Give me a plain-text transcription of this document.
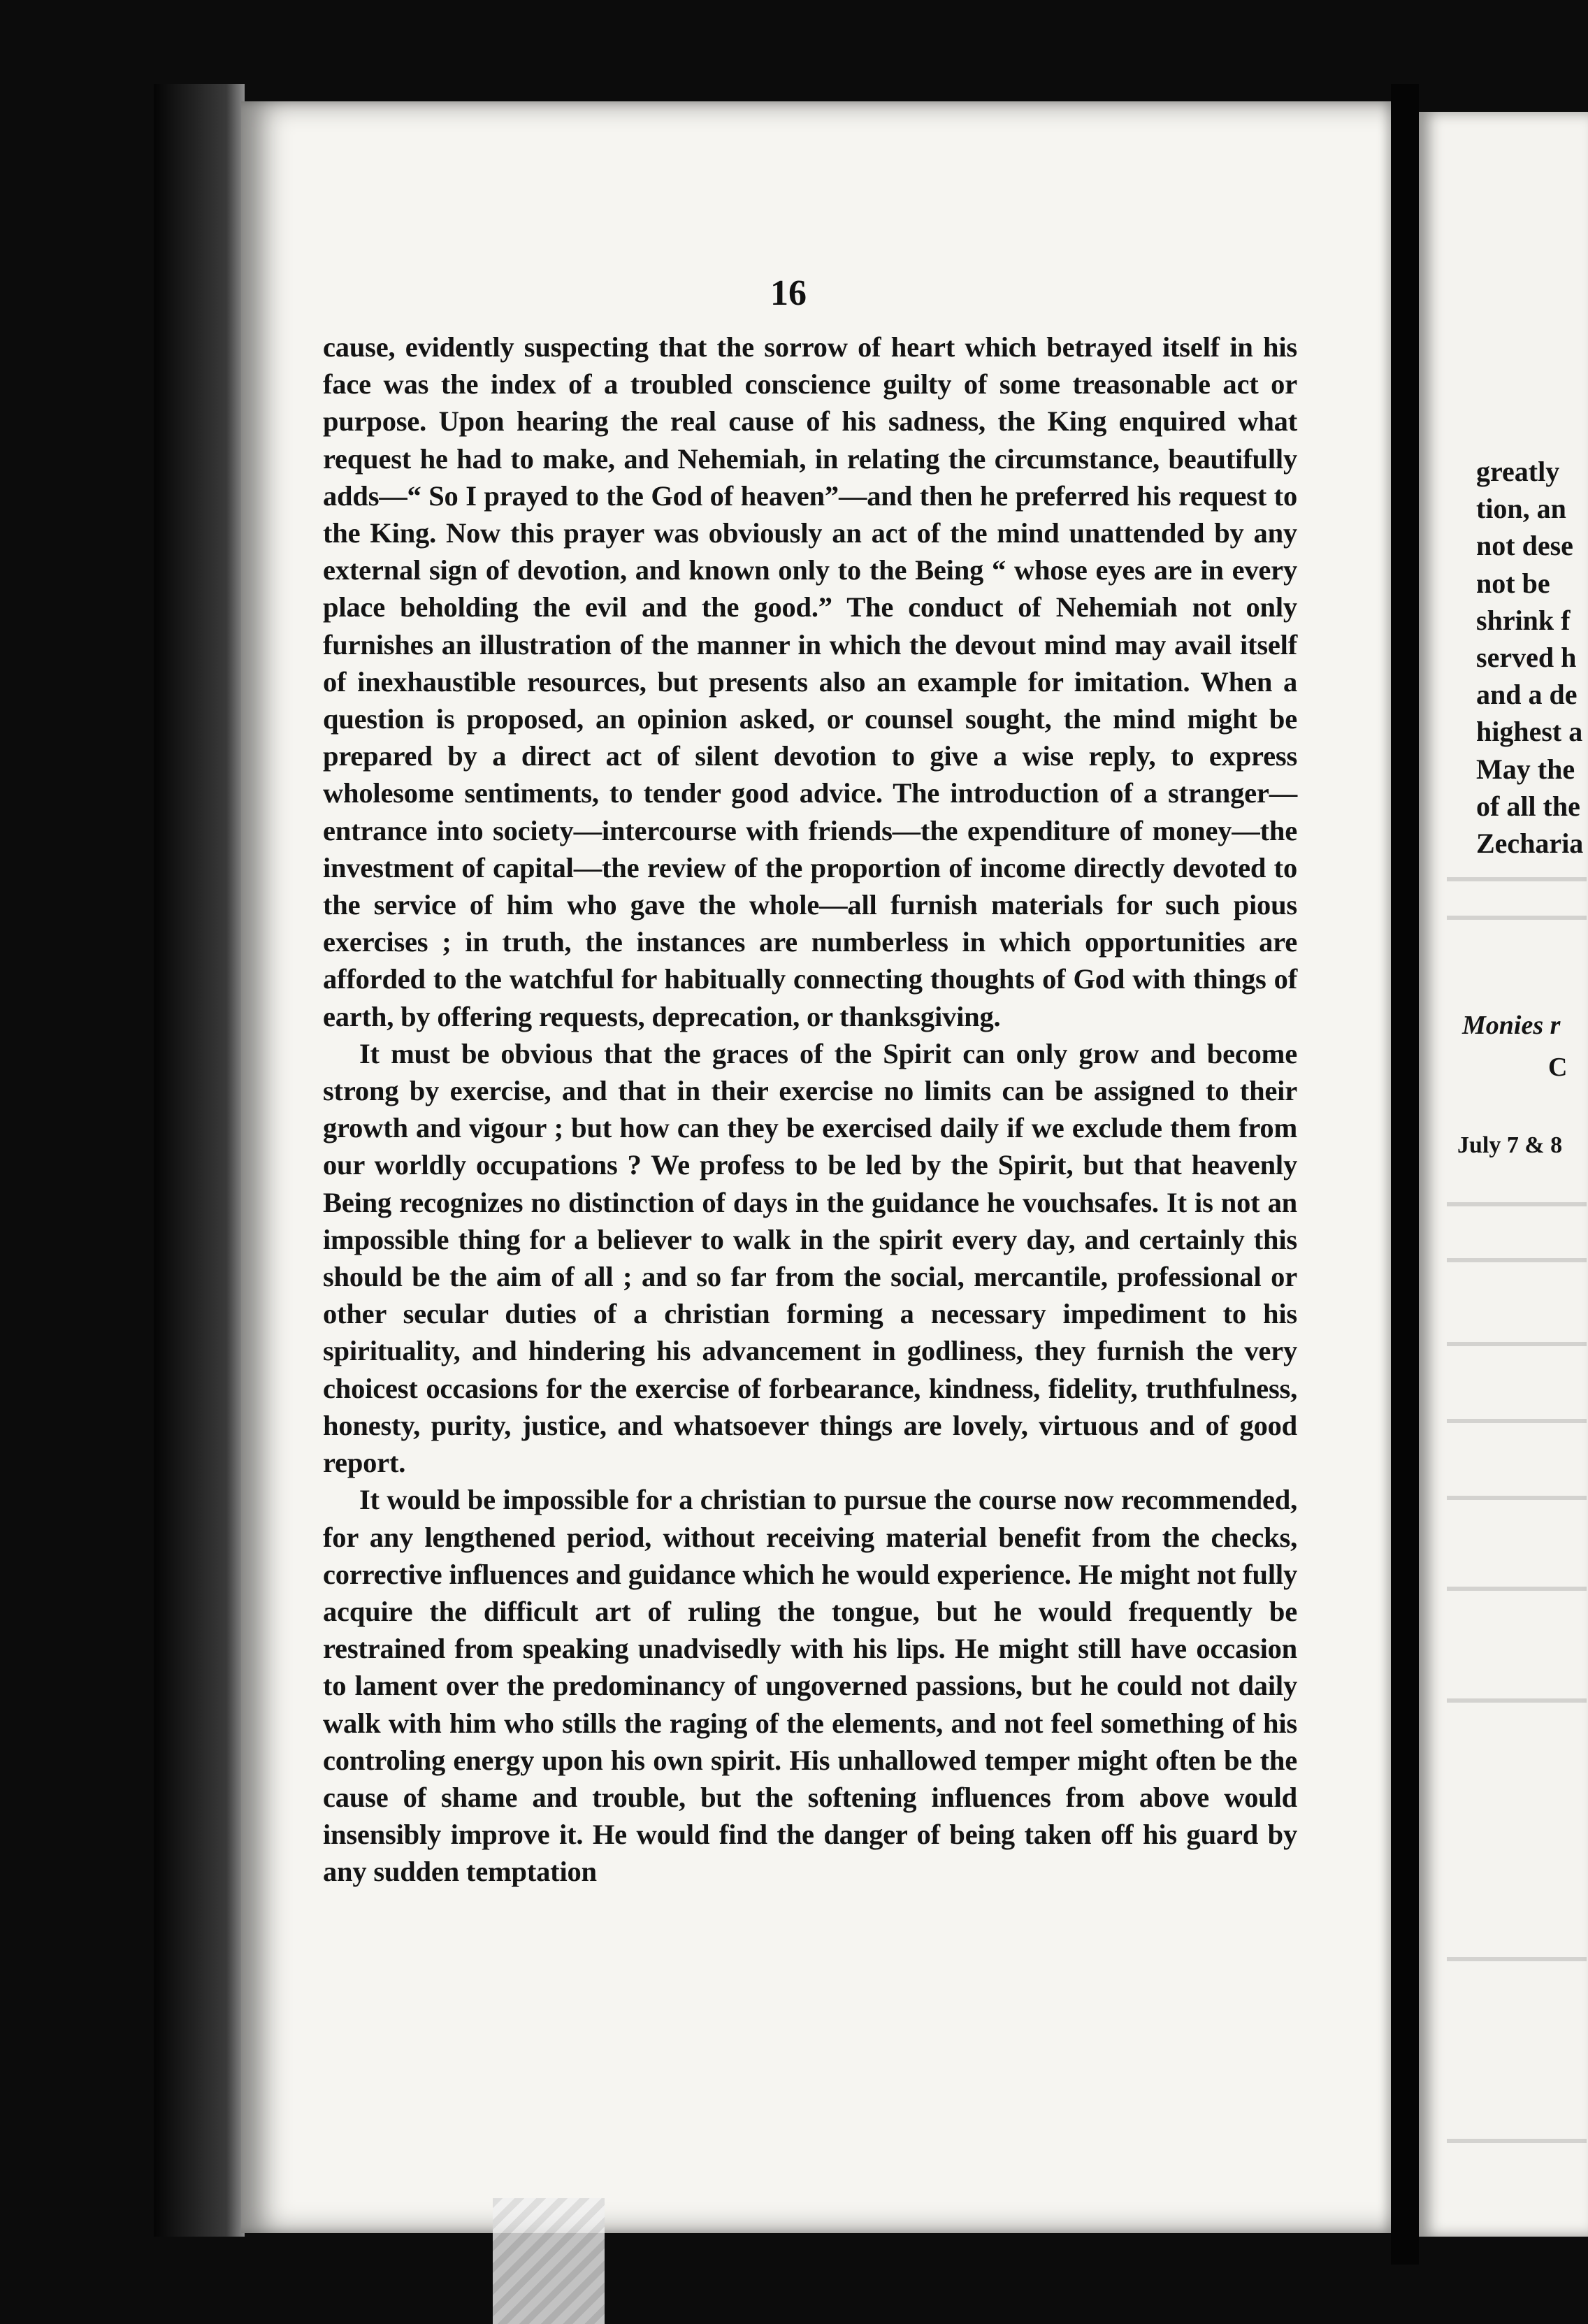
16

cause, evidently suspecting that the sorrow of heart which betrayed itself in his face was the index of a troubled conscience guilty of some treasonable act or purpose. Upon hearing the real cause of his sadness, the King enquired what request he had to make, and Nehemiah, in relating the circumstance, beautifully adds—“ So I prayed to the God of heaven”—and then he preferred his request to the King. Now this prayer was obviously an act of the mind unattended by any external sign of devotion, and known only to the Being “ whose eyes are in every place beholding the evil and the good.” The conduct of Nehemiah not only furnishes an illustration of the manner in which the devout mind may avail itself of inexhaustible resources, but presents also an example for imitation. When a question is proposed, an opinion asked, or counsel sought, the mind might be prepared by a direct act of silent devotion to give a wise reply, to express wholesome sentiments, to tender good advice. The introduction of a stranger—entrance into society—intercourse with friends—the expenditure of money—the investment of capital—the review of the proportion of income directly devoted to the service of him who gave the whole—all furnish materials for such pious exercises ; in truth, the instances are numberless in which opportunities are afforded to the watchful for habitually connecting thoughts of God with things of earth, by offering requests, deprecation, or thanksgiving.

It must be obvious that the graces of the Spirit can only grow and become strong by exercise, and that in their exercise no limits can be assigned to their growth and vigour ; but how can they be exercised daily if we exclude them from our worldly occupations ? We profess to be led by the Spirit, but that heavenly Being recognizes no distinction of days in the guidance he vouchsafes. It is not an impossible thing for a believer to walk in the spirit every day, and certainly this should be the aim of all ; and so far from the social, mercantile, professional or other secular duties of a christian forming a necessary impediment to his spirituality, and hindering his advancement in godliness, they furnish the very choicest occasions for the exercise of forbearance, kindness, fidelity, truthfulness, honesty, purity, justice, and whatsoever things are lovely, virtuous and of good report.

It would be impossible for a christian to pursue the course now recommended, for any lengthened period, without receiving material benefit from the checks, corrective influences and guidance which he would experience. He might not fully acquire the difficult art of ruling the tongue, but he would frequently be restrained from speaking unadvisedly with his lips. He might still have occasion to lament over the predominancy of ungoverned passions, but he could not daily walk with him who stills the raging of the elements, and not feel something of his controling energy upon his own spirit. His unhallowed temper might often be the cause of shame and trouble, but the softening influences from above would insensibly improve it. He would find the danger of being taken off his guard by any sudden temptation

greatly
tion, an
not dese
not be
shrink f
served h
and a de
highest a
May the
of all the
Zecharia
Monies r
C
July 7 & 8
